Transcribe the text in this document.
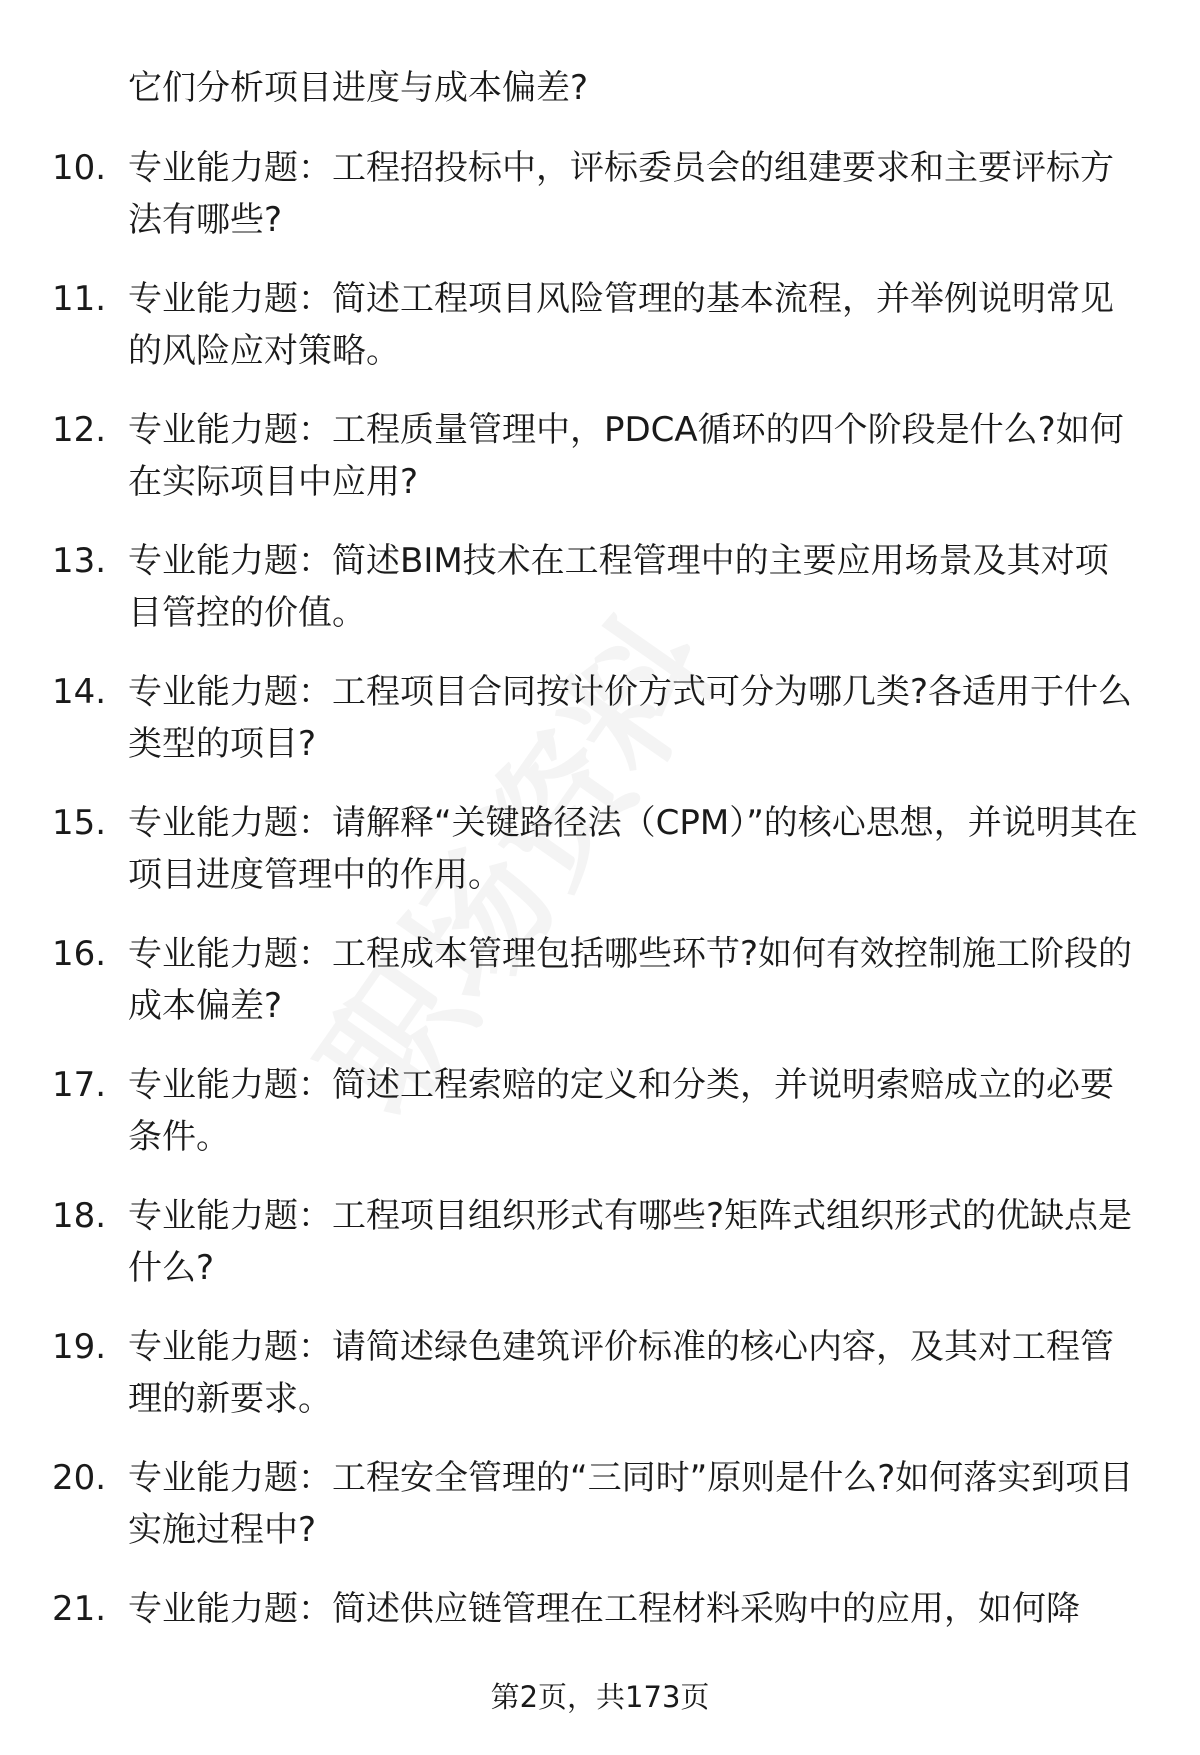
它们分析项目进度与成本偏差?
10. 专业能力题：工程招投标中，评标委员会的组建要求和主要评标方法有哪些?
11. 专业能力题：简述工程项目风险管理的基本流程，并举例说明常见的风险应对策略。
12. 专业能力题：工程质量管理中，PDCA循环的四个阶段是什么?如何在实际项目中应用?
13. 专业能力题：简述BIM技术在工程管理中的主要应用场景及其对项目管控的价值。
14. 专业能力题：工程项目合同按计价方式可分为哪几类?各适用于什么类型的项目?
15. 专业能力题：请解释“关键路径法（CPM）”的核心思想，并说明其在项目进度管理中的作用。
16. 专业能力题：工程成本管理包括哪些环节?如何有效控制施工阶段的成本偏差?
17. 专业能力题：简述工程索赔的定义和分类，并说明索赔成立的必要条件。
18. 专业能力题：工程项目组织形式有哪些?矩阵式组织形式的优缺点是什么?
19. 专业能力题：请简述绿色建筑评价标准的核心内容，及其对工程管理的新要求。
20. 专业能力题：工程安全管理的“三同时”原则是什么?如何落实到项目实施过程中?
21. 专业能力题：简述供应链管理在工程材料采购中的应用，如何降
第2页，共173页
